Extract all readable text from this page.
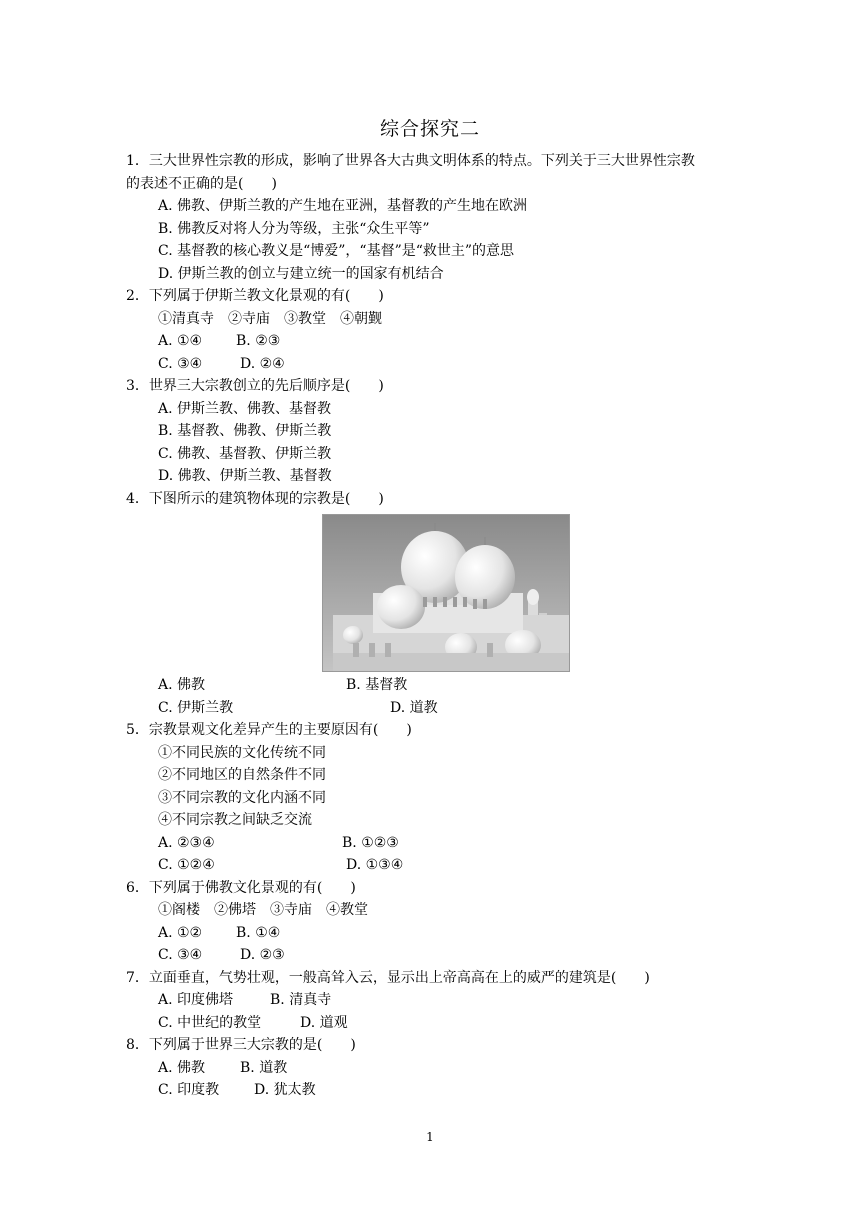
综合探究二
1．三大世界性宗教的形成，影响了世界各大古典文明体系的特点。下列关于三大世界性宗教
的表述不正确的是(　　)
A. 佛教、伊斯兰教的产生地在亚洲，基督教的产生地在欧洲
B. 佛教反对将人分为等级，主张“众生平等”
C. 基督教的核心教义是“博爱”，“基督”是“救世主”的意思
D. 伊斯兰教的创立与建立统一的国家有机结合
2．下列属于伊斯兰教文化景观的有(　　)
①清真寺　②寺庙　③教堂　④朝觐
A. ①④ B. ②③
C. ③④	D. ②④
3．世界三大宗教创立的先后顺序是(　　)
A. 伊斯兰教、佛教、基督教
B. 基督教、佛教、伊斯兰教
C. 佛教、基督教、伊斯兰教
D. 佛教、伊斯兰教、基督教
4．下图所示的建筑物体现的宗教是(　　)
A. 佛教	B. 基督教
C. 伊斯兰教	D. 道教
5．宗教景观文化差异产生的主要原因有(　　)
①不同民族的文化传统不同
②不同地区的自然条件不同
③不同宗教的文化内涵不同
④不同宗教之间缺乏交流
A. ②③④	B. ①②③
C. ①②④	D. ①③④
6．下列属于佛教文化景观的有(　　)
①阁楼　②佛塔　③寺庙　④教堂
A. ①② B. ①④
C. ③④	D. ②③
7．立面垂直，气势壮观，一般高耸入云，显示出上帝高高在上的威严的建筑是(　　)
A. 印度佛塔	B. 清真寺
C. 中世纪的教堂	D. 道观
8．下列属于世界三大宗教的是(　　)
A. 佛教 B. 道教
C. 印度教 D. 犹太教
1
